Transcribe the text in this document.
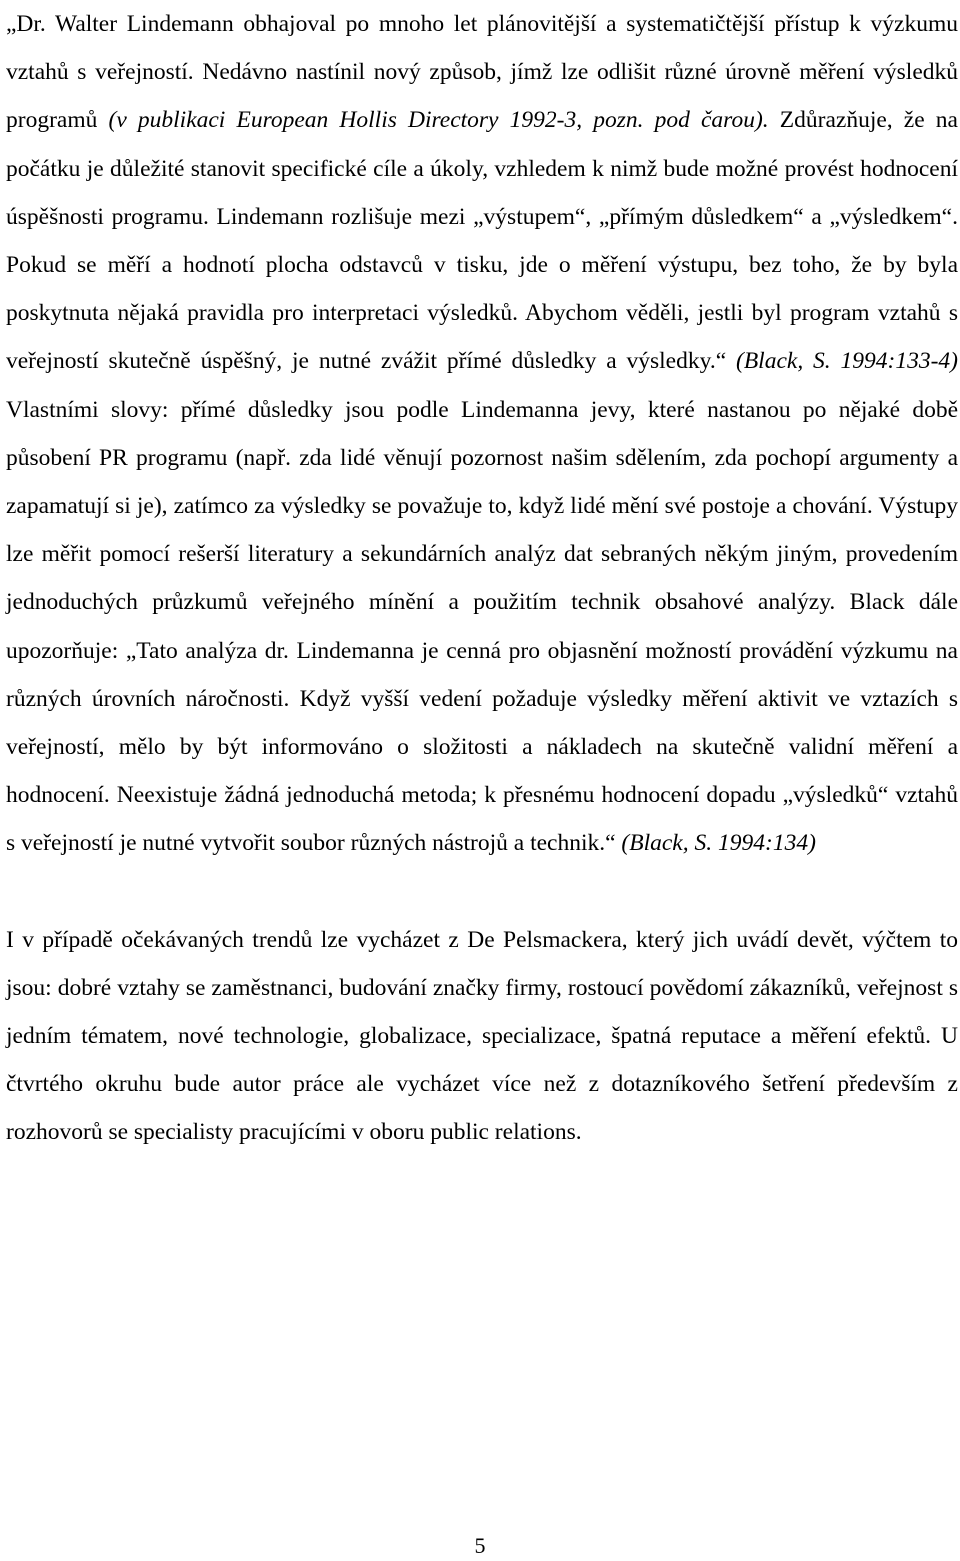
„Dr. Walter Lindemann obhajoval po mnoho let plánovitější a systematičtější přístup k výzkumu vztahů s veřejností. Nedávno nastínil nový způsob, jímž lze odlišit různé úrovně měření výsledků programů (v publikaci European Hollis Directory 1992-3, pozn. pod čarou). Zdůrazňuje, že na počátku je důležité stanovit specifické cíle a úkoly, vzhledem k nimž bude možné provést hodnocení úspěšnosti programu. Lindemann rozlišuje mezi „výstupem“, „přímým důsledkem“ a „výsledkem“. Pokud se měří a hodnotí plocha odstavců v tisku, jde o měření výstupu, bez toho, že by byla poskytnuta nějaká pravidla pro interpretaci výsledků. Abychom věděli, jestli byl program vztahů s veřejností skutečně úspěšný, je nutné zvážit přímé důsledky a výsledky.“ (Black, S. 1994:133-4) Vlastními slovy: přímé důsledky jsou podle Lindemanna jevy, které nastanou po nějaké době působení PR programu (např. zda lidé věnují pozornost našim sdělením, zda pochopí argumenty a zapamatují si je), zatímco za výsledky se považuje to, když lidé mění své postoje a chování. Výstupy lze měřit pomocí rešerší literatury a sekundárních analýz dat sebraných někým jiným, provedením jednoduchých průzkumů veřejného mínění a použitím technik obsahové analýzy. Black dále upozorňuje: „Tato analýza dr. Lindemanna je cenná pro objasnění možností provádění výzkumu na různých úrovních náročnosti. Když vyšší vedení požaduje výsledky měření aktivit ve vztazích s veřejností, mělo by být informováno o složitosti a nákladech na skutečně validní měření a hodnocení. Neexistuje žádná jednoduchá metoda; k přesnému hodnocení dopadu „výsledků“ vztahů s veřejností je nutné vytvořit soubor různých nástrojů a technik.“ (Black, S. 1994:134)

I v případě očekávaných trendů lze vycházet z De Pelsmackera, který jich uvádí devět, výčtem to jsou: dobré vztahy se zaměstnanci, budování značky firmy, rostoucí povědomí zákazníků, veřejnost s jedním tématem, nové technologie, globalizace, specializace, špatná reputace a měření efektů. U čtvrtého okruhu bude autor práce ale vycházet více než z dotazníkového šetření především z rozhovorů se specialisty pracujícími v oboru public relations.

5
